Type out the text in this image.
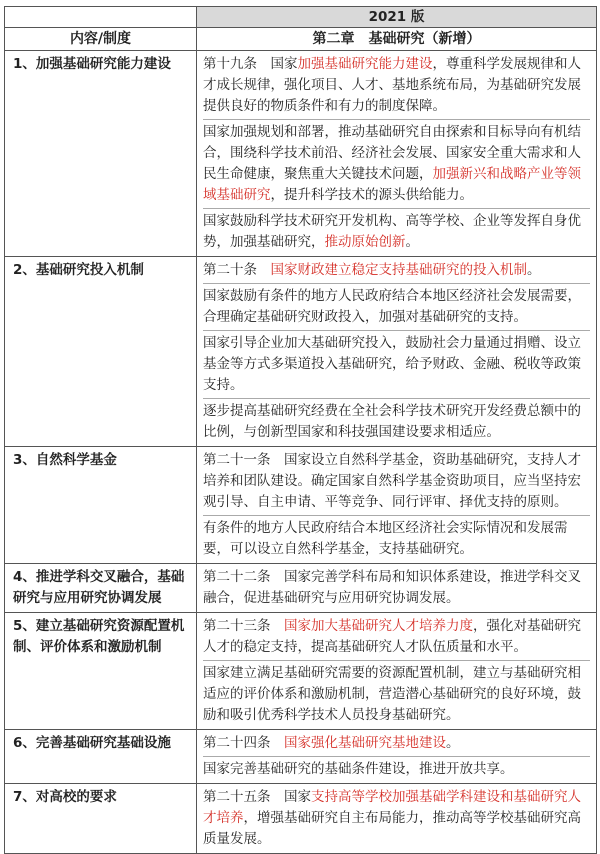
	2021 版
内容/制度	第二章　基础研究（新增）
1、加强基础研究能力建设	第十九条　国家加强基础研究能力建设，尊重科学发展规律和人才成长规律，强化项目、人才、基地系统布局，为基础研究发展提供良好的物质条件和有力的制度保障。
国家加强规划和部署，推动基础研究自由探索和目标导向有机结合，围绕科学技术前沿、经济社会发展、国家安全重大需求和人民生命健康，聚焦重大关键技术问题，加强新兴和战略产业等领域基础研究，提升科学技术的源头供给能力。
国家鼓励科学技术研究开发机构、高等学校、企业等发挥自身优势，加强基础研究，推动原始创新。

2、基础研究投入机制	第二十条　国家财政建立稳定支持基础研究的投入机制。
国家鼓励有条件的地方人民政府结合本地区经济社会发展需要，合理确定基础研究财政投入，加强对基础研究的支持。
国家引导企业加大基础研究投入，鼓励社会力量通过捐赠、设立基金等方式多渠道投入基础研究，给予财政、金融、税收等政策支持。
逐步提高基础研究经费在全社会科学技术研究开发经费总额中的比例，与创新型国家和科技强国建设要求相适应。

3、自然科学基金	第二十一条　国家设立自然科学基金，资助基础研究，支持人才培养和团队建设。确定国家自然科学基金资助项目，应当坚持宏观引导、自主申请、平等竞争、同行评审、择优支持的原则。
有条件的地方人民政府结合本地区经济社会实际情况和发展需要，可以设立自然科学基金，支持基础研究。

4、推进学科交叉融合，基础研究与应用研究协调发展	第二十二条　国家完善学科布局和知识体系建设，推进学科交叉融合，促进基础研究与应用研究协调发展。

5、建立基础研究资源配置机制、评价体系和激励机制	第二十三条　国家加大基础研究人才培养力度，强化对基础研究人才的稳定支持，提高基础研究人才队伍质量和水平。
国家建立满足基础研究需要的资源配置机制，建立与基础研究相适应的评价体系和激励机制，营造潜心基础研究的良好环境，鼓励和吸引优秀科学技术人员投身基础研究。

6、完善基础研究基础设施	第二十四条　国家强化基础研究基地建设。
国家完善基础研究的基础条件建设，推进开放共享。

7、对高校的要求	第二十五条　国家支持高等学校加强基础学科建设和基础研究人才培养，增强基础研究自主布局能力，推动高等学校基础研究高质量发展。
